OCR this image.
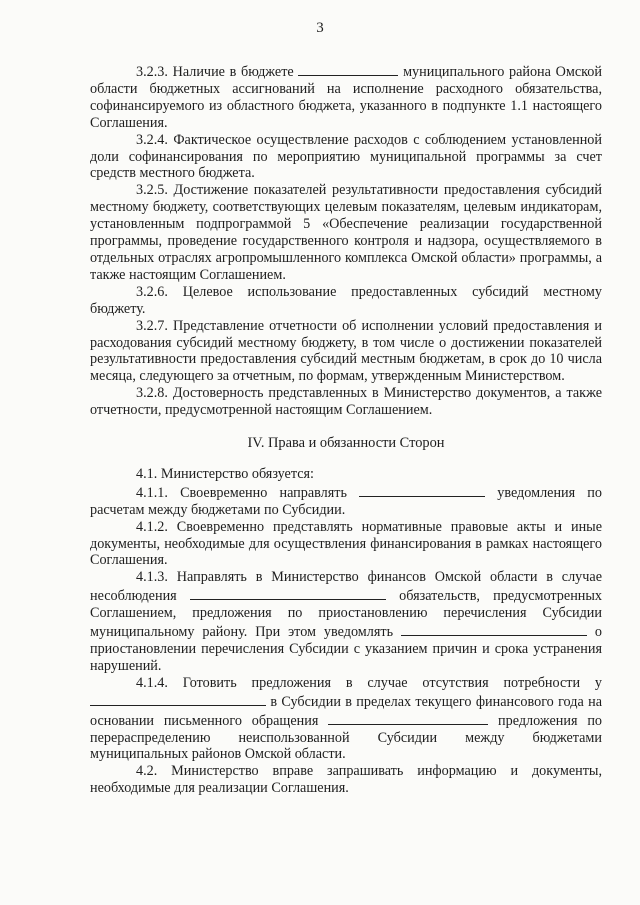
3

3.2.3. Наличие в бюджете	муниципального района Омской области бюджетных ассигнований на исполнение расходного обязательства, софинансируемого из областного бюджета, указанного в подпункте 1.1 настоящего Соглашения.

3.2.4. Фактическое осуществление расходов с соблюдением установленной доли софинансирования по мероприятию муниципальной программы за счет средств местного бюджета.

3.2.5. Достижение показателей результативности предоставления субсидий местному бюджету, соответствующих целевым показателям, целевым индикаторам, установленным подпрограммой 5 «Обеспечение реализации государственной программы, проведение государственного контроля и надзора, осуществляемого в отдельных отраслях агропромышленного комплекса Омской области» программы, а также настоящим Соглашением.

3.2.6. Целевое использование предоставленных субсидий местному бюджету.

3.2.7. Представление отчетности об исполнении условий предоставления и расходования субсидий местному бюджету, в том числе о достижении показателей результативности предоставления субсидий местным бюджетам, в срок до 10 числа месяца, следующего за отчетным, по формам, утвержденным Министерством.

3.2.8. Достоверность представленных в Министерство документов, а также отчетности, предусмотренной настоящим Соглашением.

IV. Права и обязанности Сторон

4.1. Министерство обязуется:

4.1.1. Своевременно направлять	уведомления по расчетам между бюджетами по Субсидии.

4.1.2. Своевременно представлять нормативные правовые акты и иные документы, необходимые для осуществления финансирования в рамках настоящего Соглашения.

4.1.3. Направлять в Министерство финансов Омской области в случае несоблюдения	обязательств, предусмотренных Соглашением, предложения по приостановлению перечисления Субсидии муниципальному району. При этом уведомлять	о приостановлении перечисления Субсидии с указанием причин и срока устранения нарушений.

4.1.4. Готовить предложения в случае отсутствия потребности у  в Субсидии в пределах текущего финансового года на основании письменного обращения	предложения по перераспределению неиспользованной Субсидии между бюджетами муниципальных районов Омской области.

4.2. Министерство вправе запрашивать информацию и документы, необходимые для реализации Соглашения.
